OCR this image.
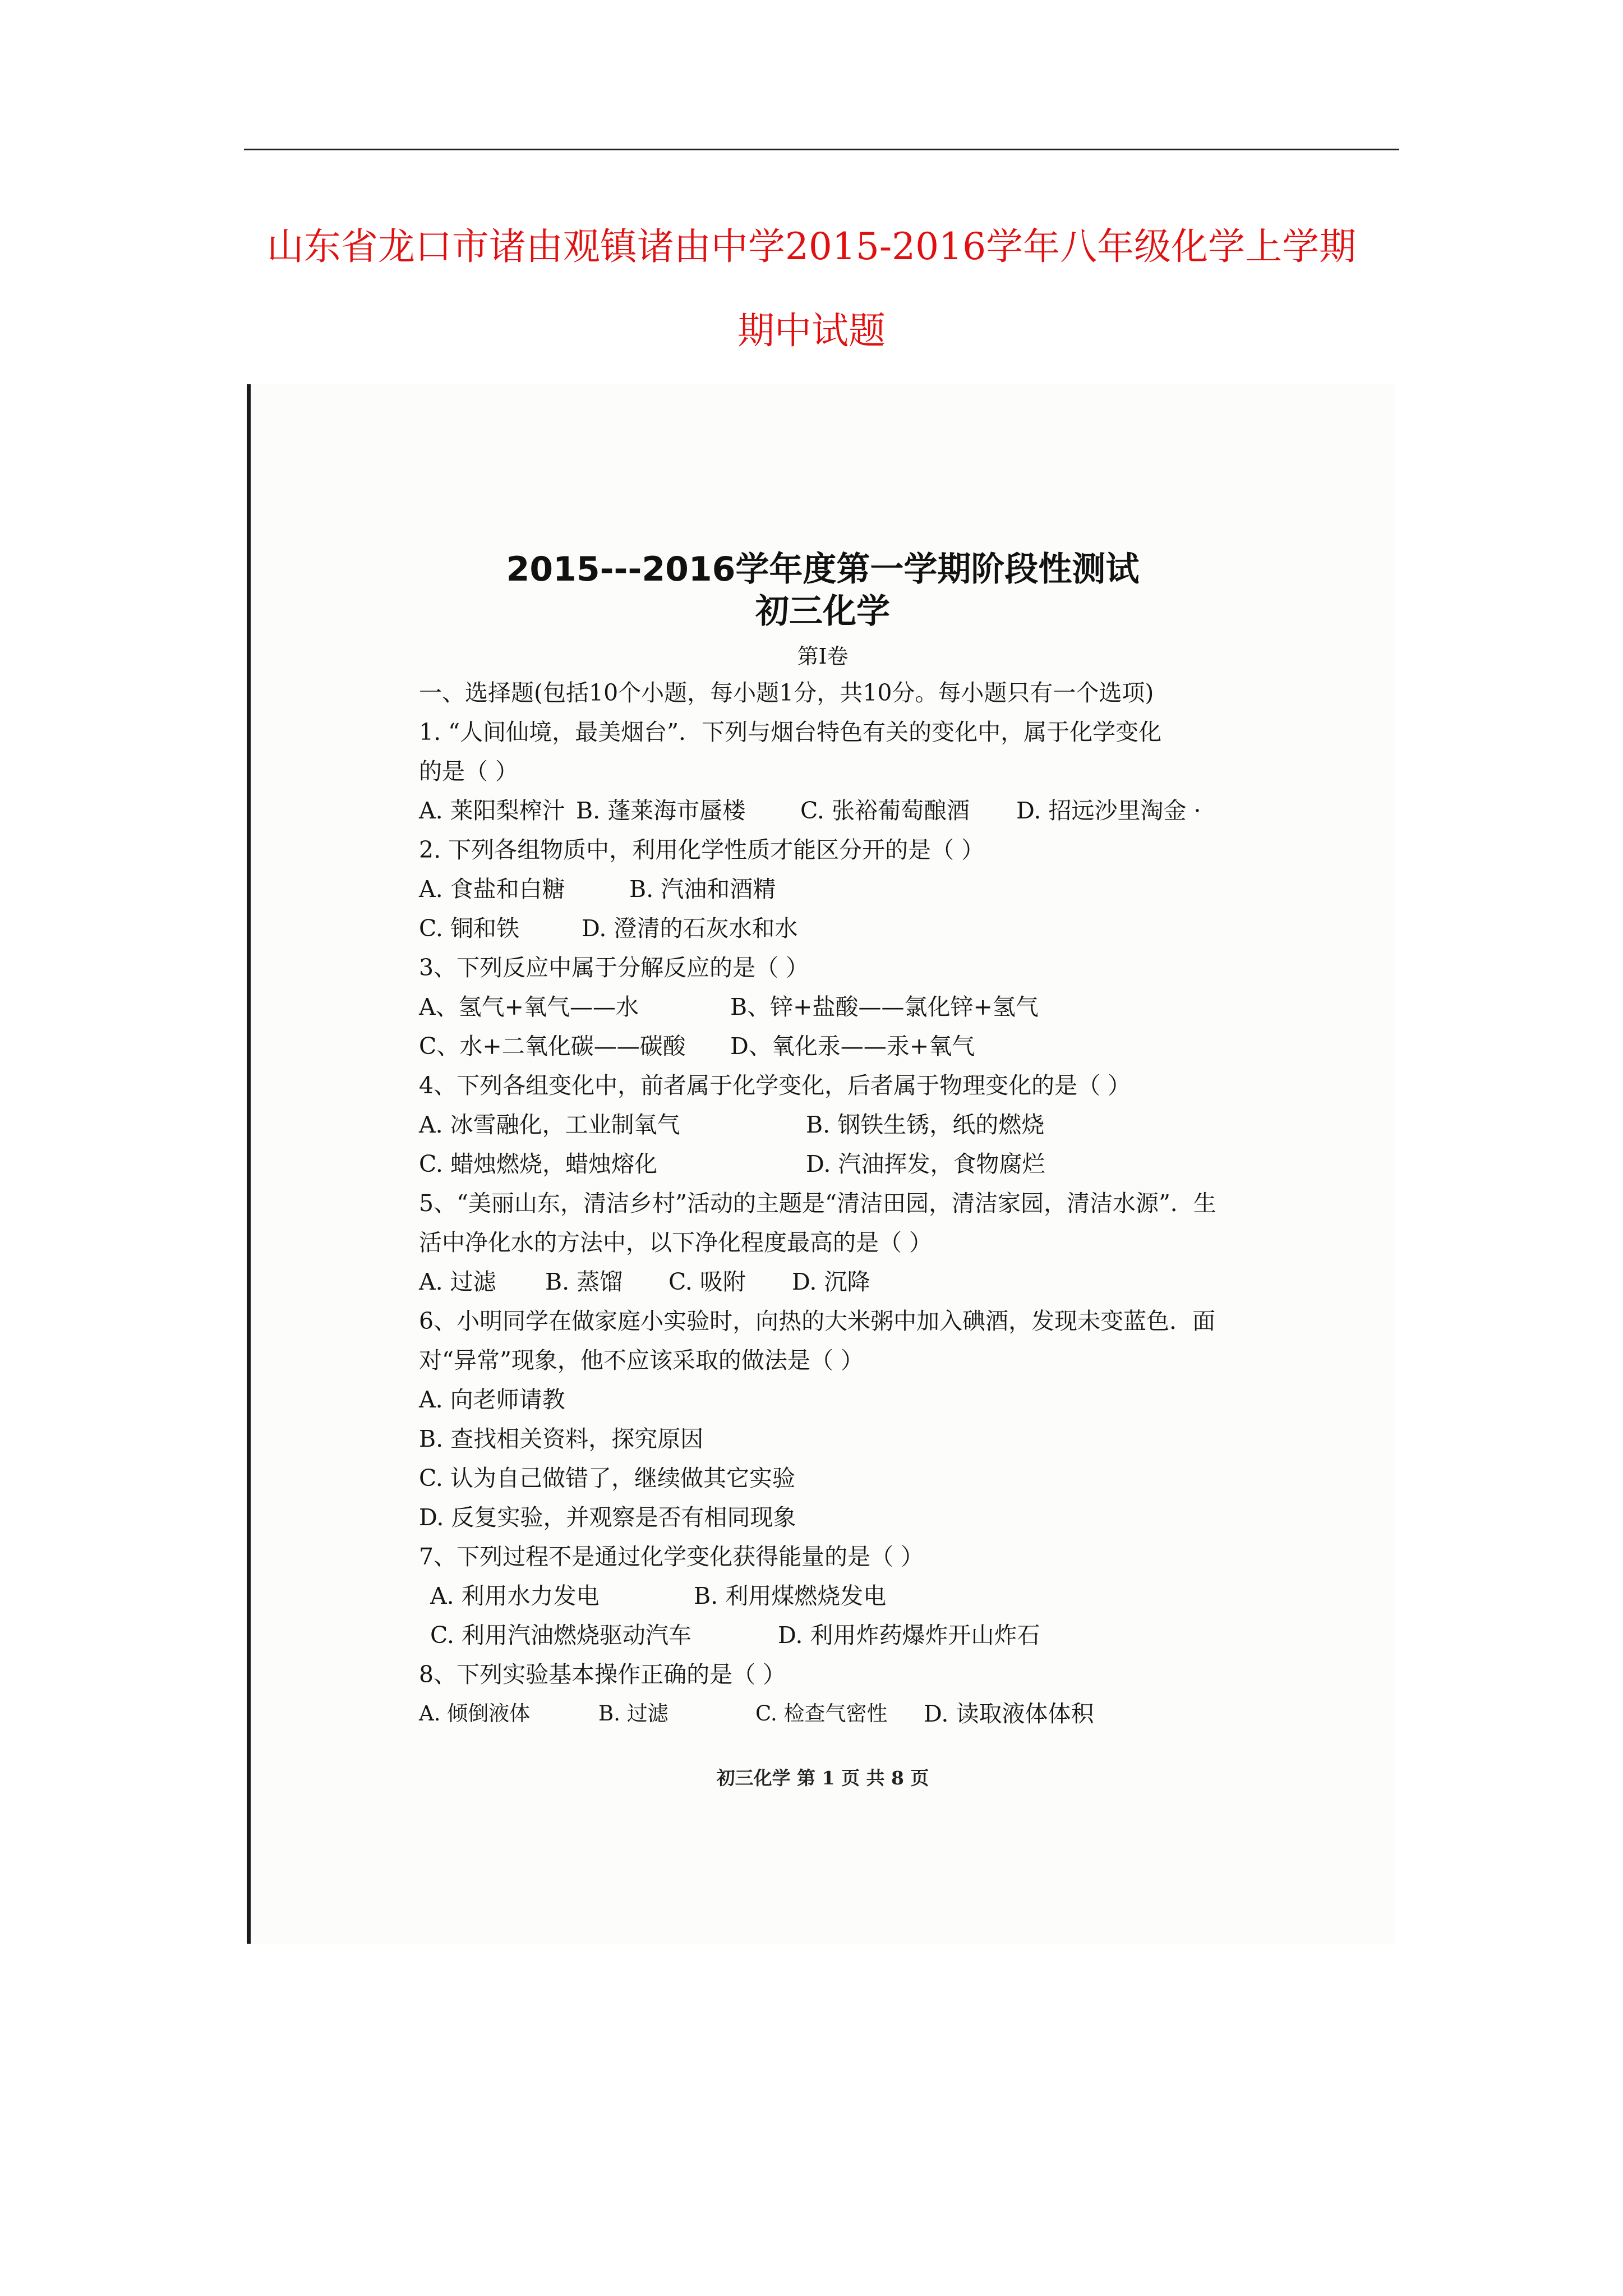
山东省龙口市诸由观镇诸由中学2015-2016学年八年级化学上学期
期中试题
2015---2016学年度第一学期阶段性测试
初三化学
第Ⅰ卷
一、选择题(包括10个小题，每小题1分，共10分。每小题只有一个选项)
1. “人间仙境，最美烟台”．下列与烟台特色有关的变化中，属于化学变化
的是（ ）
A. 莱阳梨榨汁 B. 蓬莱海市蜃楼 C. 张裕葡萄酿酒 D. 招远沙里淘金 ·
2. 下列各组物质中，利用化学性质才能区分开的是（ ）
A. 食盐和白糖	B. 汽油和酒精
C. 铜和铁	D. 澄清的石灰水和水
3、下列反应中属于分解反应的是（ ）
A、氢气+氧气——水	B、锌+盐酸——氯化锌+氢气
C、水+二氧化碳——碳酸 D、氧化汞——汞+氧气
4、下列各组变化中，前者属于化学变化，后者属于物理变化的是（ ）
A. 冰雪融化，工业制氧气	B. 钢铁生锈，纸的燃烧
C. 蜡烛燃烧，蜡烛熔化	D. 汽油挥发，食物腐烂
5、“美丽山东，清洁乡村”活动的主题是“清洁田园，清洁家园，清洁水源”．生
活中净化水的方法中，以下净化程度最高的是（ ）
A. 过滤 B. 蒸馏 C. 吸附 D. 沉降
6、小明同学在做家庭小实验时，向热的大米粥中加入碘酒，发现未变蓝色．面
对“异常”现象，他不应该采取的做法是（ ）
A. 向老师请教
B. 查找相关资料，探究原因
C. 认为自己做错了，继续做其它实验
D. 反复实验，并观察是否有相同现象
7、下列过程不是通过化学变化获得能量的是（ ）
A. 利用水力发电	B. 利用煤燃烧发电
C. 利用汽油燃烧驱动汽车	D. 利用炸药爆炸开山炸石
8、下列实验基本操作正确的是（ ）
A. 倾倒液体	B. 过滤	C. 检查气密性 D. 读取液体体积
初三化学 第 1 页 共 8 页
